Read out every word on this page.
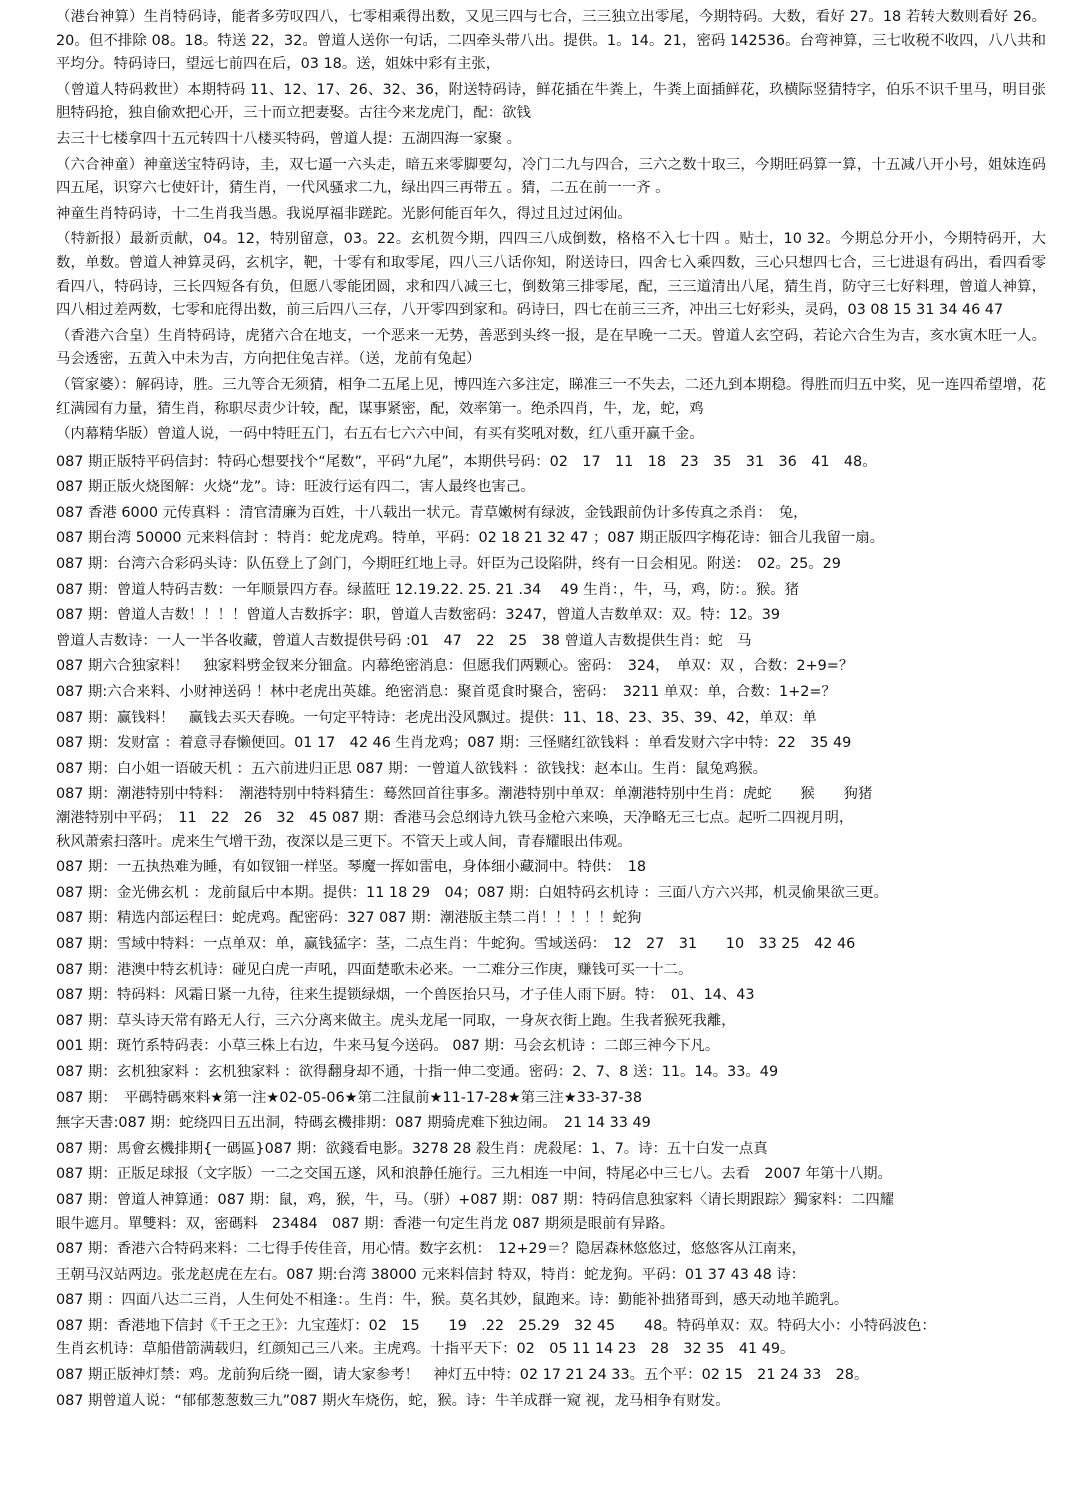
（港台神算）生肖特码诗，能者多劳叹四八，七零相乘得出数，又见三四与七合，三三独立出零尾，今期特码。大数，看好 27。18 若转大数则看好 26。20。但不排除 08。18。特送 22，32。曾道人送你一句话，二四牵头带八出。提供。1。14。21，密码 142536。台弯神算，三七收税不收四，八八共和平均分。特码诗曰，望远七前四在后，03 18。送，姐妹中彩有主张，

（曾道人特码救世）本期特码 11、12、17、26、32、36，附送特码诗，鲜花插在牛粪上，牛粪上面插鲜花，玖横际竖猜特字，伯乐不识千里马，明目张胆特码抢，独自偷欢把心开，三十而立把妻娶。古往今来龙虎门，配：欲钱

去三十七楼拿四十五元转四十八楼买特码，曾道人提：五湖四海一家聚 。

（六合神童）神童送宝特码诗，圭，双七逼一六头走，暗五来零脚要勾，冷门二九与四合，三六之数十取三，今期旺码算一算，十五减八开小号，姐妹连码四五尾，识穿六七使奸计，猜生肖，一代风骚求二九，绿出四三再带五 。猜，二五在前一一齐 。

神童生肖特码诗，十二生肖我当愚。我说厚福非蹉跎。光影何能百年久，得过且过过闲仙。

（特新报）最新贡献，04。12，特别留意，03。22。玄机贺今期，四四三八成倒数，格格不入七十四 。贴士，10 32。今期总分开小，今期特码开，大数，单数。曾道人神算灵码，玄机字，靶，十零有和取零尾，四八三八话你知，附送诗曰，四舍七入乘四数，三心只想四七合，三七进退有码出，看四看零看四八，特码诗，三长四短各有负，但愿八零能团圆，求和四八减三七，倒数第三排零尾，配，三三道清出八尾，猜生肖，防守三七好料理，曾道人神算，四八相过差两数，七零和庇得出数，前三后四八三存，八开零四到家和。码诗曰，四七在前三三齐，冲出三七好彩头，灵码，03 08 15 31 34 46 47

（香港六合皇）生肖特码诗，虎猪六合在地支，一个恶来一无势，善恶到头终一报，是在早晚一二天。曾道人玄空码，若论六合生为吉，亥水寅木旺一人。马会透密，五黄入中未为吉，方向把住兔吉祥。（送，龙前有兔起）

（管家婆）：解码诗，胜。三九等合无须猜，相争二五尾上见，博四连六多注定，睇准三一不失去，二还九到本期稳。得胜而归五中奖，见一连四希望增，花红满园有力量，猜生肖，称职尽责少计较，配，谋事紧密，配，效率第一。绝杀四肖，牛，龙，蛇，鸡

（内幕精华版）曾道人说，一码中特旺五门，右五右七六六中间，有买有奖吼对数，红八重开赢千金。

087 期正版特平码信封：特码心想要找个“尾数”，平码“九尾”，本期供号码：02　17　11　18　23　35　31　36　41　48。
087 期正版火烧图解：火烧“龙”。诗：旺波行运有四二，害人最终也害己。
087 香港 6000 元传真料 ：清官清廉为百姓，十八载出一状元。青草嫩树有绿波，金钱跟前伪计多传真之杀肖：　兔，
087 期台湾 50000 元来料信封 ：特肖：蛇龙虎鸡。特单，平码：02 18 21 32 47 ；087 期正版四字梅花诗：钿合儿我留一扇。
087 期：台湾六合彩码头诗：队伍登上了剑门，今期旺红地上寻。奸臣为己设陷阱，终有一日会相见。附送：　02。25。29
087 期：曾道人特码吉数：一年顺景四方春。绿蓝旺 12.19.22. 25. 21 .34 　49 生肖：，牛，马，鸡，防：。猴。猪
087 期：曾道人吉数！！！！曾道人吉数拆字：职，曾道人吉数密码：3247，曾道人吉数单双：双。特：12。39
曾道人吉数诗：一人一半各收藏，曾道人吉数提供号码 :01　47　22　25　38 曾道人吉数提供生肖：蛇　马
087 期六合独家料！　独家料劈金钗来分钿盒。内幕绝密消息：但愿我们两颗心。密码：　324，　单双：双 ，合数：2+9=？
087 期:六合来料、小财神送码 ！林中老虎出英雄。绝密消息：聚首觅食时聚合，密码：　3211 单双：单，合数：1+2=？
087 期：赢钱料！　赢钱去买天春晚。一句定平特诗：老虎出没风飘过。提供：11、18、23、35、39、42，单双：单
087 期：发财富 ：着意寻春懒便回。01 17　42 46 生肖龙鸡；087 期：三怪赌红欲钱料 ：单看发财六字中特：22　35 49
087 期：白小姐一语破天机 ：五六前进归正思 087 期：一曾道人欲钱料 ：欲钱找：赵本山。生肖：鼠兔鸡猴。
087 期：潮港特别中特料：　潮港特别中特料猜生：蓦然回首往事多。潮港特别中单双：单潮港特别中生肖：虎蛇　　猴　　狗猪
潮港特别中平码；　11　22　26　32　45 087 期：香港马会总纲诗九铁马金枪六来唤，天净略无三七点。起听二四视月明，
秋风萧索扫落叶。虎来生气增干劲，夜深以是三更下。不管天上或人间，青春耀眼出伟观。
087 期：一五执热难为睡，有如钗钿一样坚。琴魔一挥如雷电，身体细小藏洞中。特供：　18
087 期：金光佛玄机 ：龙前鼠后中本期。提供：11 18 29　04；087 期：白姐特码玄机诗 ：三面八方六兴邦，机灵偷果欲三更。
087 期：精选内部运程曰：蛇虎鸡。配密码：327 087 期：潮港版主禁二肖！！！！！蛇狗
087 期：雪域中特料：一点单双：单，赢钱猛字：茎，二点生肖：牛蛇狗。雪域送码：　12　27　31　　10　33 25　42 46
087 期：港澳中特玄机诗：碰见白虎一声吼，四面楚歌未必来。一二难分三作庚，赚钱可买一十二。
087 期：特码料：风霜日紧一九待，往来生提锁绿烟，一个兽医抬只马，才子佳人雨下厨。特：　01、14、43
087 期：草头诗天常有路无人行，三六分离来做主。虎头龙尾一同取，一身灰衣街上跑。生我者猴死我離，
001 期：斑竹系特码表：小草三株上右边，牛来马复今送码。 087 期：马会玄机诗 ：二郎三神今下凡。
087 期：玄机独家料 ：玄机独家料 ：欲得翻身却不通，十指一伸二变通。密码：2、7、8 送：11。14。33。49
087 期：　平碼特碼來料★第一注★02-05-06★第二注鼠前★11-17-28★第三注★33-37-38
無字天書:087 期：蛇绕四日五出洞，特碼玄機排期：087 期骑虎难下独边闹。　21 14 33 49
087 期：馬會玄機排期{一碼區}087 期：欲錢看电影。3278 28 殺生肖：虎殺尾：1、7。诗：五十白发一点真
087 期：正版足球报（文字版）一二之交国五遂，风和浪静任施行。三九相连一中间，特尾必中三七八。去看　2007 年第十八期。
087 期：曾道人神算通：087 期：鼠，鸡，猴，牛，马。（骈）+087 期：087 期：特码信息独家料〈请长期跟踪〉獨家料：二四耀
眼牛遮月。單雙料：双，密碼料　23484　087 期：香港一句定生肖龙 087 期须是眼前有异路。
087 期：香港六合特码来料：二七得手传佳音，用心情。数字玄机：　12+29＝？隐居森林悠悠过，悠悠客从江南来，
王朝马汉站两边。张龙赵虎在左右。087 期:台湾 38000 元来料信封 特双，特肖：蛇龙狗。平码：01 37 43 48 诗：
087 期 ：四面八达二三肖，人生何处不相逢：。生肖：牛，猴。莫名其妙，鼠跑来。诗：勤能补拙猪哥到，感天动地羊跪乳。
087 期：香港地下信封《千王之王》：九宝莲灯：02　15　　19　.22　25.29　32 45　　48。特码单双：双。特码大小：小特码波色：
生肖玄机诗：草船借箭满载归，红颜知己三八来。主虎鸡。十指平天下：02　05 11 14 23　28　32 35　41 49。
087 期正版神灯禁：鸡。龙前狗后绕一圈，请大家参考！　神灯五中特：02 17 21 24 33。五个平：02 15　21 24 33　28。
087 期曾道人说：“郁郁葱葱数三九”087 期火车烧伤，蛇，猴。诗：牛羊成群一窥 视，龙马相争有财发。
